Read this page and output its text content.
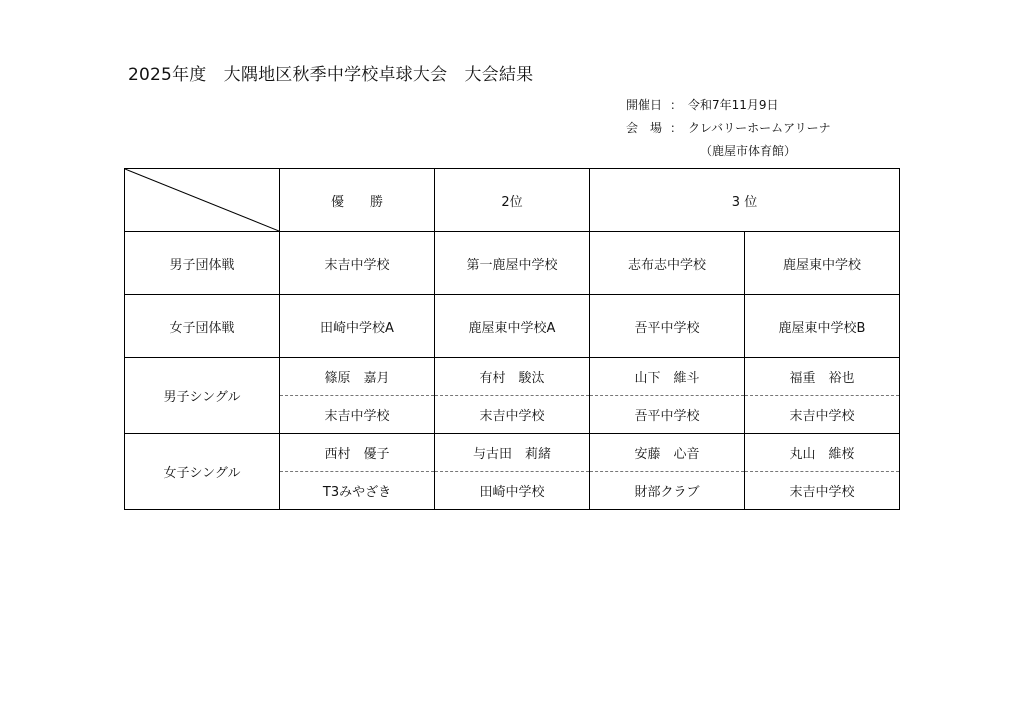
2025年度　大隅地区秋季中学校卓球大会　大会結果
開催日 ： 令和7年11月9日
会　場 ： クレバリーホームアリーナ
（鹿屋市体育館）

	優　　勝	2位	3 位	
男子団体戦	末吉中学校	第一鹿屋中学校	志布志中学校	鹿屋東中学校
女子団体戦	田崎中学校A	鹿屋東中学校A	吾平中学校	鹿屋東中学校B
男子シングル	篠原　嘉月	有村　駿汰	山下　維斗	福重　裕也
	末吉中学校	末吉中学校	吾平中学校	末吉中学校
女子シングル	西村　優子	与古田　莉緒	安藤　心音	丸山　維桜
	T3みやざき	田崎中学校	財部クラブ	末吉中学校
